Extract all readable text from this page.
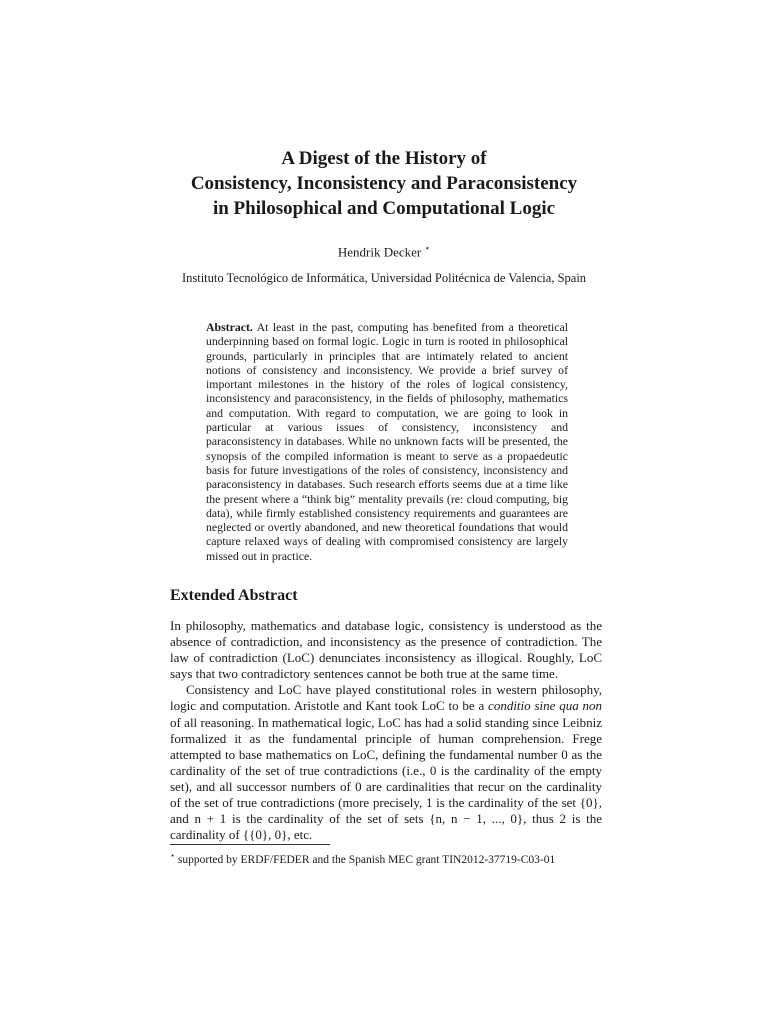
A Digest of the History of
Consistency, Inconsistency and Paraconsistency
in Philosophical and Computational Logic
Hendrik Decker ⋆
Instituto Tecnológico de Informática, Universidad Politécnica de Valencia, Spain
Abstract. At least in the past, computing has benefited from a theoretical underpinning based on formal logic. Logic in turn is rooted in philosophical grounds, particularly in principles that are intimately related to ancient notions of consistency and inconsistency. We provide a brief survey of important milestones in the history of the roles of logical consistency, inconsistency and paraconsistency, in the fields of philosophy, mathematics and computation. With regard to computation, we are going to look in particular at various issues of consistency, inconsistency and paraconsistency in databases. While no unknown facts will be presented, the synopsis of the compiled information is meant to serve as a propaedeutic basis for future investigations of the roles of consistency, inconsistency and paraconsistency in databases. Such research efforts seems due at a time like the present where a “think big” mentality prevails (re: cloud computing, big data), while firmly established consistency requirements and guarantees are neglected or overtly abandoned, and new theoretical foundations that would capture relaxed ways of dealing with compromised consistency are largely missed out in practice.
Extended Abstract

In philosophy, mathematics and database logic, consistency is understood as the absence of contradiction, and inconsistency as the presence of contradiction. The law of contradiction (LoC) denunciates inconsistency as illogical. Roughly, LoC says that two contradictory sentences cannot be both true at the same time.

Consistency and LoC have played constitutional roles in western philosophy, logic and computation. Aristotle and Kant took LoC to be a conditio sine qua non of all reasoning. In mathematical logic, LoC has had a solid standing since Leibniz formalized it as the fundamental principle of human comprehension. Frege attempted to base mathematics on LoC, defining the fundamental number 0 as the cardinality of the set of true contradictions (i.e., 0 is the cardinality of the empty set), and all successor numbers of 0 are cardinalities that recur on the cardinality of the set of true contradictions (more precisely, 1 is the cardinality of the set {0}, and n + 1 is the cardinality of the set of sets {n, n − 1, ..., 0}, thus 2 is the cardinality of {{0}, 0}, etc.

⋆ supported by ERDF/FEDER and the Spanish MEC grant TIN2012-37719-C03-01
